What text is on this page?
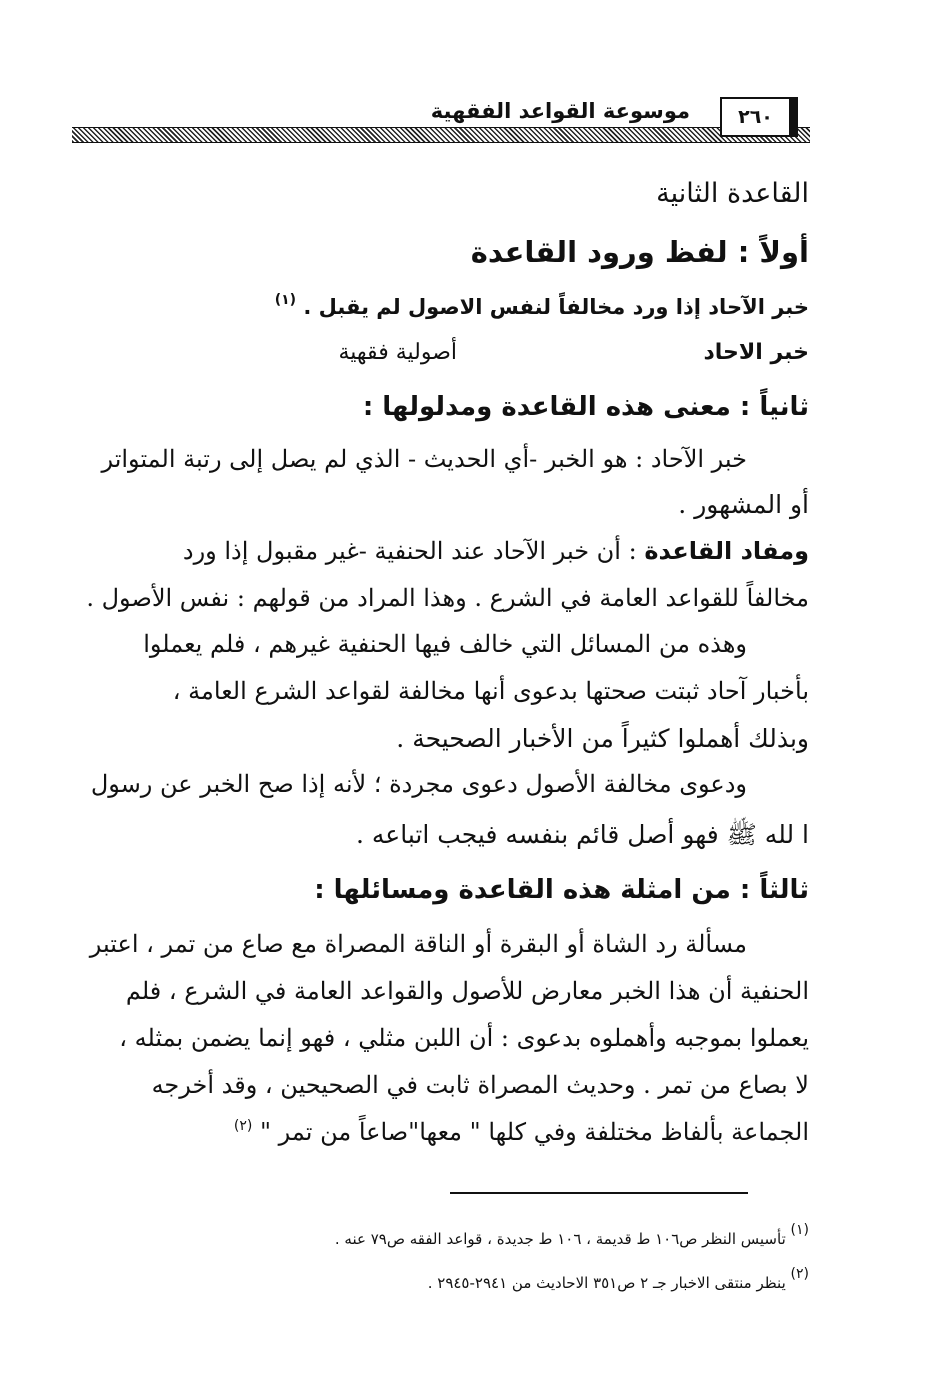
موسوعة القواعد الفقهية	٢٦٠
القاعدة الثانية
أولاً : لفظ ورود القاعدة
خبر الآحاد إذا ورد مخالفاً لنفس الاصول لم يقبل . $^{(١)}$
خبر الاحاد
أصولية فقهية
ثانياً : معنى هذه القاعدة ومدلولها :
خبر الآحاد : هو الخبر -أي الحديث - الذي لم يصل إلى رتبة المتواتر
أو المشهور .
ومفاد القاعدة : أن خبر الآحاد عند الحنفية -غير مقبول إذا ورد
مخالفاً للقواعد العامة في الشرع . وهذا المراد من قولهم : نفس الأصول .
وهذه من المسائل التي خالف فيها الحنفية غيرهم ، فلم يعملوا
بأخبار آحاد ثبتت صحتها بدعوى أنها مخالفة لقواعد الشرع العامة ،
وبذلك أهملوا كثيراً من الأخبار الصحيحة .
ودعوى مخالفة الأصول دعوى مجردة ؛ لأنه إذا صح الخبر عن رسول
ا لله ﷺ فهو أصل قائم بنفسه فيجب اتباعه .
ثالثاً : من امثلة هذه القاعدة ومسائلها :
مسألة رد الشاة أو البقرة أو الناقة المصراة مع صاع من تمر ، اعتبر
الحنفية أن هذا الخبر معارض للأصول والقواعد العامة في الشرع ، فلم
يعملوا بموجبه وأهملوه بدعوى : أن اللبن مثلي ، فهو إنما يضمن بمثله ،
لا بصاع من تمر . وحديث المصراة ثابت في الصحيحين ، وقد أخرجه
الجماعة بألفاظ مختلفة وفي كلها " معها"صاعاً من تمر " $^{(٢)}$
(١) تأسيس النظر ص١٠٦ ط قديمة ، ١٠٦ ط جديدة ، قواعد الفقه ص٧٩ عنه .
(٢) ينظر منتقى الاخبار جـ ٢ ص٣٥١ الاحاديث من ٢٩٤١-٢٩٤٥ .
